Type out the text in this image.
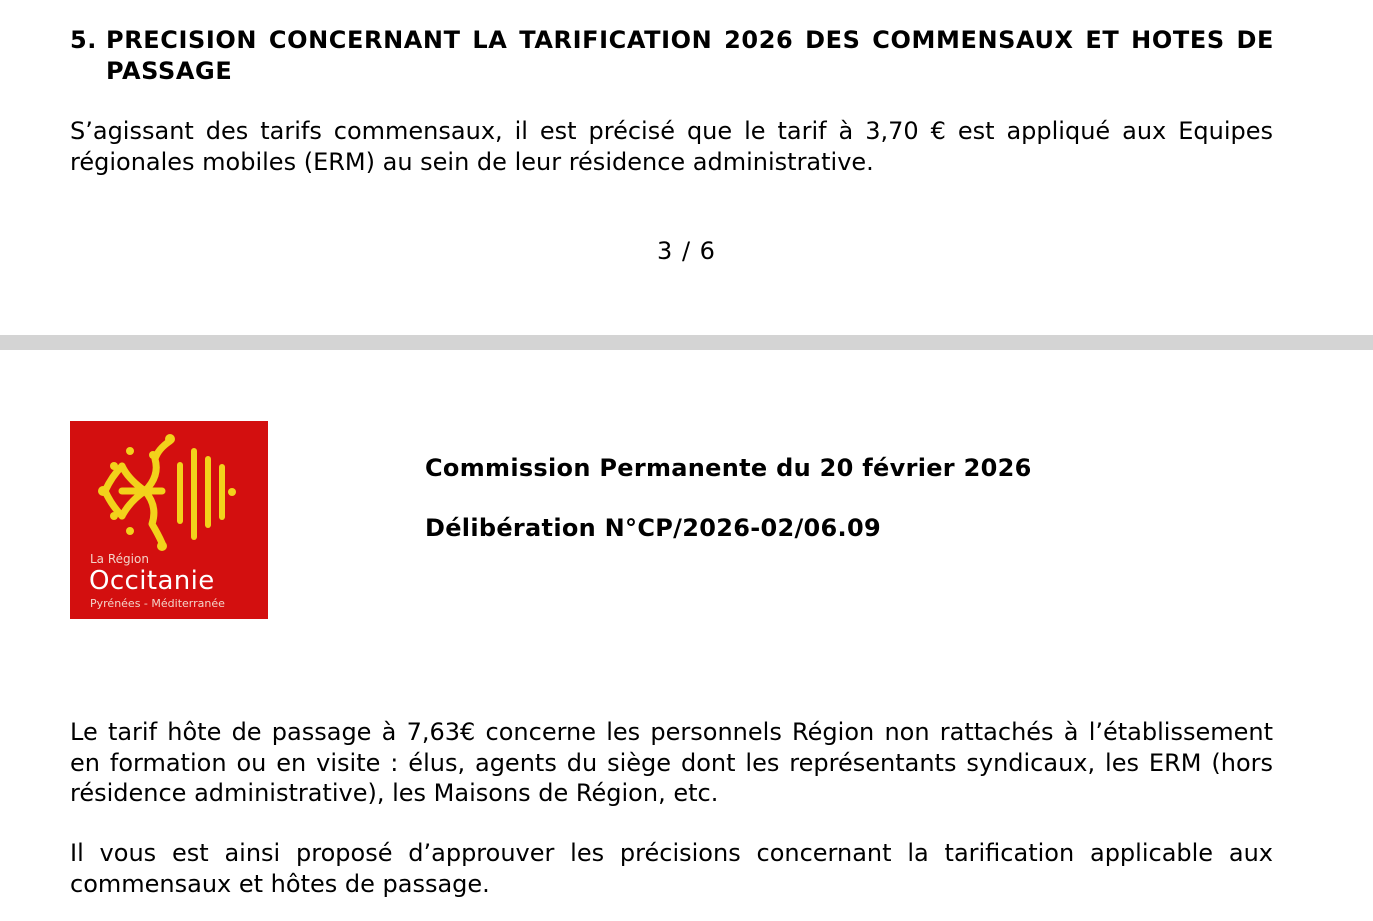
5. PRECISION CONCERNANT LA TARIFICATION 2026 DES COMMENSAUX ET HOTES DE PASSAGE
S’agissant des tarifs commensaux, il est précisé que le tarif à 3,70 € est appliqué aux Equipes régionales mobiles (ERM) au sein de leur résidence administrative.
3 / 6
La Région
Occitanie
Pyrénées - Méditerranée
Commission Permanente du 20 février 2026
Délibération N°CP/2026-02/06.09
Le tarif hôte de passage à 7,63€ concerne les personnels Région non rattachés à l’établissement en formation ou en visite : élus, agents du siège dont les représentants syndicaux, les ERM (hors résidence administrative), les Maisons de Région, etc.
Il vous est ainsi proposé d’approuver les précisions concernant la tarification applicable aux commensaux et hôtes de passage.
